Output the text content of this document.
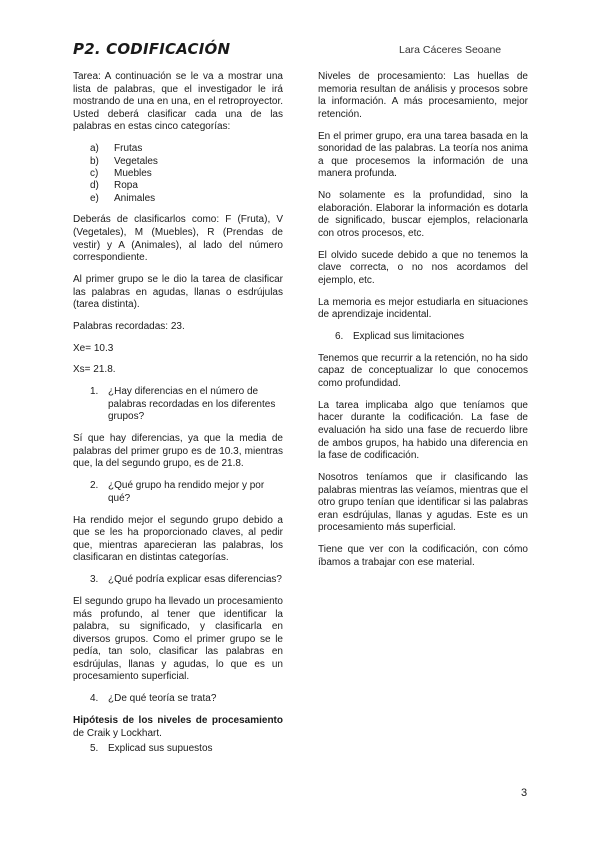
P2. CODIFICACIÓN	Lara Cáceres Seoane

Tarea: A continuación se le va a mostrar una lista de palabras, que el investigador le irá mostrando de una en una, en el retroproyector. Usted deberá clasificar cada una de las palabras en estas cinco categorías:

a) Frutas
b) Vegetales
c) Muebles
d) Ropa
e) Animales

Deberás de clasificarlos como: F (Fruta), V (Vegetales), M (Muebles), R (Prendas de vestir) y A (Animales), al lado del número correspondiente.

Al primer grupo se le dio la tarea de clasificar las palabras en agudas, llanas o esdrújulas (tarea distinta).

Palabras recordadas: 23.

Xe= 10.3

Xs= 21.8.

1. ¿Hay diferencias en el número de palabras recordadas en los diferentes grupos?

Sí que hay diferencias, ya que la media de palabras del primer grupo es de 10.3, mientras que, la del segundo grupo, es de 21.8.

2. ¿Qué grupo ha rendido mejor y por qué?

Ha rendido mejor el segundo grupo debido a que se les ha proporcionado claves, al pedir que, mientras aparecieran las palabras, los clasificaran en distintas categorías.

3. ¿Qué podría explicar esas diferencias?

El segundo grupo ha llevado un procesamiento más profundo, al tener que identificar la palabra, su significado, y clasificarla en diversos grupos. Como el primer grupo se le pedía, tan solo, clasificar las palabras en esdrújulas, llanas y agudas, lo que es un procesamiento superficial.

4. ¿De qué teoría se trata?

Hipótesis de los niveles de procesamiento de Craik y Lockhart.

5. Explicad sus supuestos

Niveles de procesamiento: Las huellas de memoria resultan de análisis y procesos sobre la información. A más procesamiento, mejor retención.

En el primer grupo, era una tarea basada en la sonoridad de las palabras. La teoría nos anima a que procesemos la información de una manera profunda.

No solamente es la profundidad, sino la elaboración. Elaborar la información es dotarla de significado, buscar ejemplos, relacionarla con otros procesos, etc.

El olvido sucede debido a que no tenemos la clave correcta, o no nos acordamos del ejemplo, etc.

La memoria es mejor estudiarla en situaciones de aprendizaje incidental.

6. Explicad sus limitaciones

Tenemos que recurrir a la retención, no ha sido capaz de conceptualizar lo que conocemos como profundidad.

La tarea implicaba algo que teníamos que hacer durante la codificación. La fase de evaluación ha sido una fase de recuerdo libre de ambos grupos, ha habido una diferencia en la fase de codificación.

Nosotros teníamos que ir clasificando las palabras mientras las veíamos, mientras que el otro grupo tenían que identificar si las palabras eran esdrújulas, llanas y agudas. Este es un procesamiento más superficial.

Tiene que ver con la codificación, con cómo íbamos a trabajar con ese material.

3
